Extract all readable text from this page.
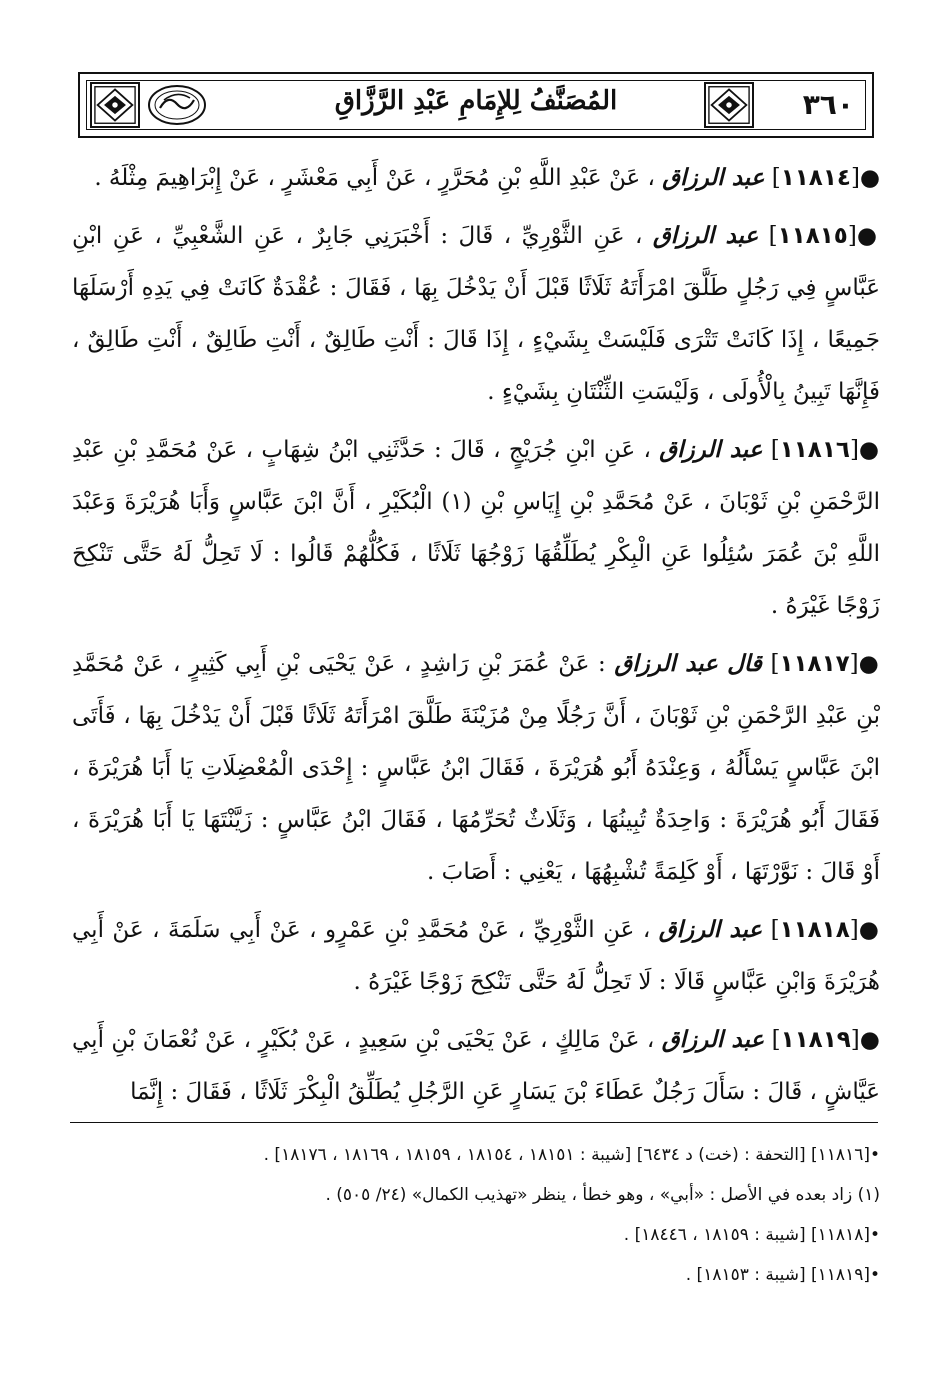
المُصَنَّفُ لِلإِمَامِ عَبْدِ الرَّزَّاقِ	٣٦٠

●[١١٨١٤] عبد الرزاق ، عَنْ عَبْدِ اللَّهِ بْنِ مُحَرَّرٍ ، عَنْ أَبِي مَعْشَرٍ ، عَنْ إِبْرَاهِيمَ مِثْلَهُ .

●[١١٨١٥] عبد الرزاق ، عَنِ الثَّوْرِيِّ ، قَالَ : أَخْبَرَنِي جَابِرٌ ، عَنِ الشَّعْبِيِّ ، عَنِ ابْنِ عَبَّاسٍ فِي رَجُلٍ طَلَّقَ امْرَأَتَهُ ثَلَاثًا قَبْلَ أَنْ يَدْخُلَ بِهَا ، فَقَالَ : عُقْدَةٌ كَانَتْ فِي يَدِهِ أَرْسَلَهَا جَمِيعًا ، إِذَا كَانَتْ تَتْرَى فَلَيْسَتْ بِشَيْءٍ ، إِذَا قَالَ : أَنْتِ طَالِقٌ ، أَنْتِ طَالِقٌ ، أَنْتِ طَالِقٌ ، فَإِنَّهَا تَبِينُ بِالْأُولَى ، وَلَيْسَتِ الثِّنْتَانِ بِشَيْءٍ .

●[١١٨١٦] عبد الرزاق ، عَنِ ابْنِ جُرَيْجٍ ، قَالَ : حَدَّثَنِي ابْنُ شِهَابٍ ، عَنْ مُحَمَّدِ بْنِ عَبْدِ الرَّحْمَنِ بْنِ ثَوْبَانَ ، عَنْ مُحَمَّدِ بْنِ إِيَاسِ بْنِ (١) الْبُكَيْرِ ، أَنَّ ابْنَ عَبَّاسٍ وَأَبَا هُرَيْرَةَ وَعَبْدَ اللَّهِ بْنَ عُمَرَ سُئِلُوا عَنِ الْبِكْرِ يُطَلِّقُهَا زَوْجُهَا ثَلَاثًا ، فَكُلُّهُمْ قَالُوا : لَا تَحِلُّ لَهُ حَتَّى تَنْكِحَ زَوْجًا غَيْرَهُ .

●[١١٨١٧] قال عبد الرزاق : عَنْ عُمَرَ بْنِ رَاشِدٍ ، عَنْ يَحْيَى بْنِ أَبِي كَثِيرٍ ، عَنْ مُحَمَّدِ بْنِ عَبْدِ الرَّحْمَنِ بْنِ ثَوْبَانَ ، أَنَّ رَجُلًا مِنْ مُزَيْنَةَ طَلَّقَ امْرَأَتَهُ ثَلَاثًا قَبْلَ أَنْ يَدْخُلَ بِهَا ، فَأَتَى ابْنَ عَبَّاسٍ يَسْأَلُهُ ، وَعِنْدَهُ أَبُو هُرَيْرَةَ ، فَقَالَ ابْنُ عَبَّاسٍ : إِحْدَى الْمُعْضِلَاتِ يَا أَبَا هُرَيْرَةَ ، فَقَالَ أَبُو هُرَيْرَةَ : وَاحِدَةٌ تُبِينُهَا ، وَثَلَاثٌ تُحَرِّمُهَا ، فَقَالَ ابْنُ عَبَّاسٍ : زَيَّنْتَهَا يَا أَبَا هُرَيْرَةَ ، أَوْ قَالَ : نَوَّرْتَهَا ، أَوْ كَلِمَةً تُشْبِهُهَا ، يَعْنِي : أَصَابَ .

●[١١٨١٨] عبد الرزاق ، عَنِ الثَّوْرِيِّ ، عَنْ مُحَمَّدِ بْنِ عَمْرٍو ، عَنْ أَبِي سَلَمَةَ ، عَنْ أَبِي هُرَيْرَةَ وَابْنِ عَبَّاسٍ قَالَا : لَا تَحِلُّ لَهُ حَتَّى تَنْكِحَ زَوْجًا غَيْرَهُ .

●[١١٨١٩] عبد الرزاق ، عَنْ مَالِكٍ ، عَنْ يَحْيَى بْنِ سَعِيدٍ ، عَنْ بُكَيْرٍ ، عَنْ نُعْمَانَ بْنِ أَبِي عَيَّاشٍ ، قَالَ : سَأَلَ رَجُلٌ عَطَاءَ بْنَ يَسَارٍ عَنِ الرَّجُلِ يُطَلِّقُ الْبِكْرَ ثَلَاثًا ، فَقَالَ : إِنَّمَا

•[١١٨١٦] [التحفة : (خت) د ٦٤٣٤] [شيبة : ١٨١٥١ ، ١٨١٥٤ ، ١٨١٥٩ ، ١٨١٦٩ ، ١٨١٧٦] .

(١) زاد بعده في الأصل : «أبي» ، وهو خطأ ، ينظر «تهذيب الكمال» (٢٤/ ٥٠٥) .

•[١١٨١٨] [شيبة : ١٨١٥٩ ، ١٨٤٤٦] .

•[١١٨١٩] [شيبة : ١٨١٥٣] .
